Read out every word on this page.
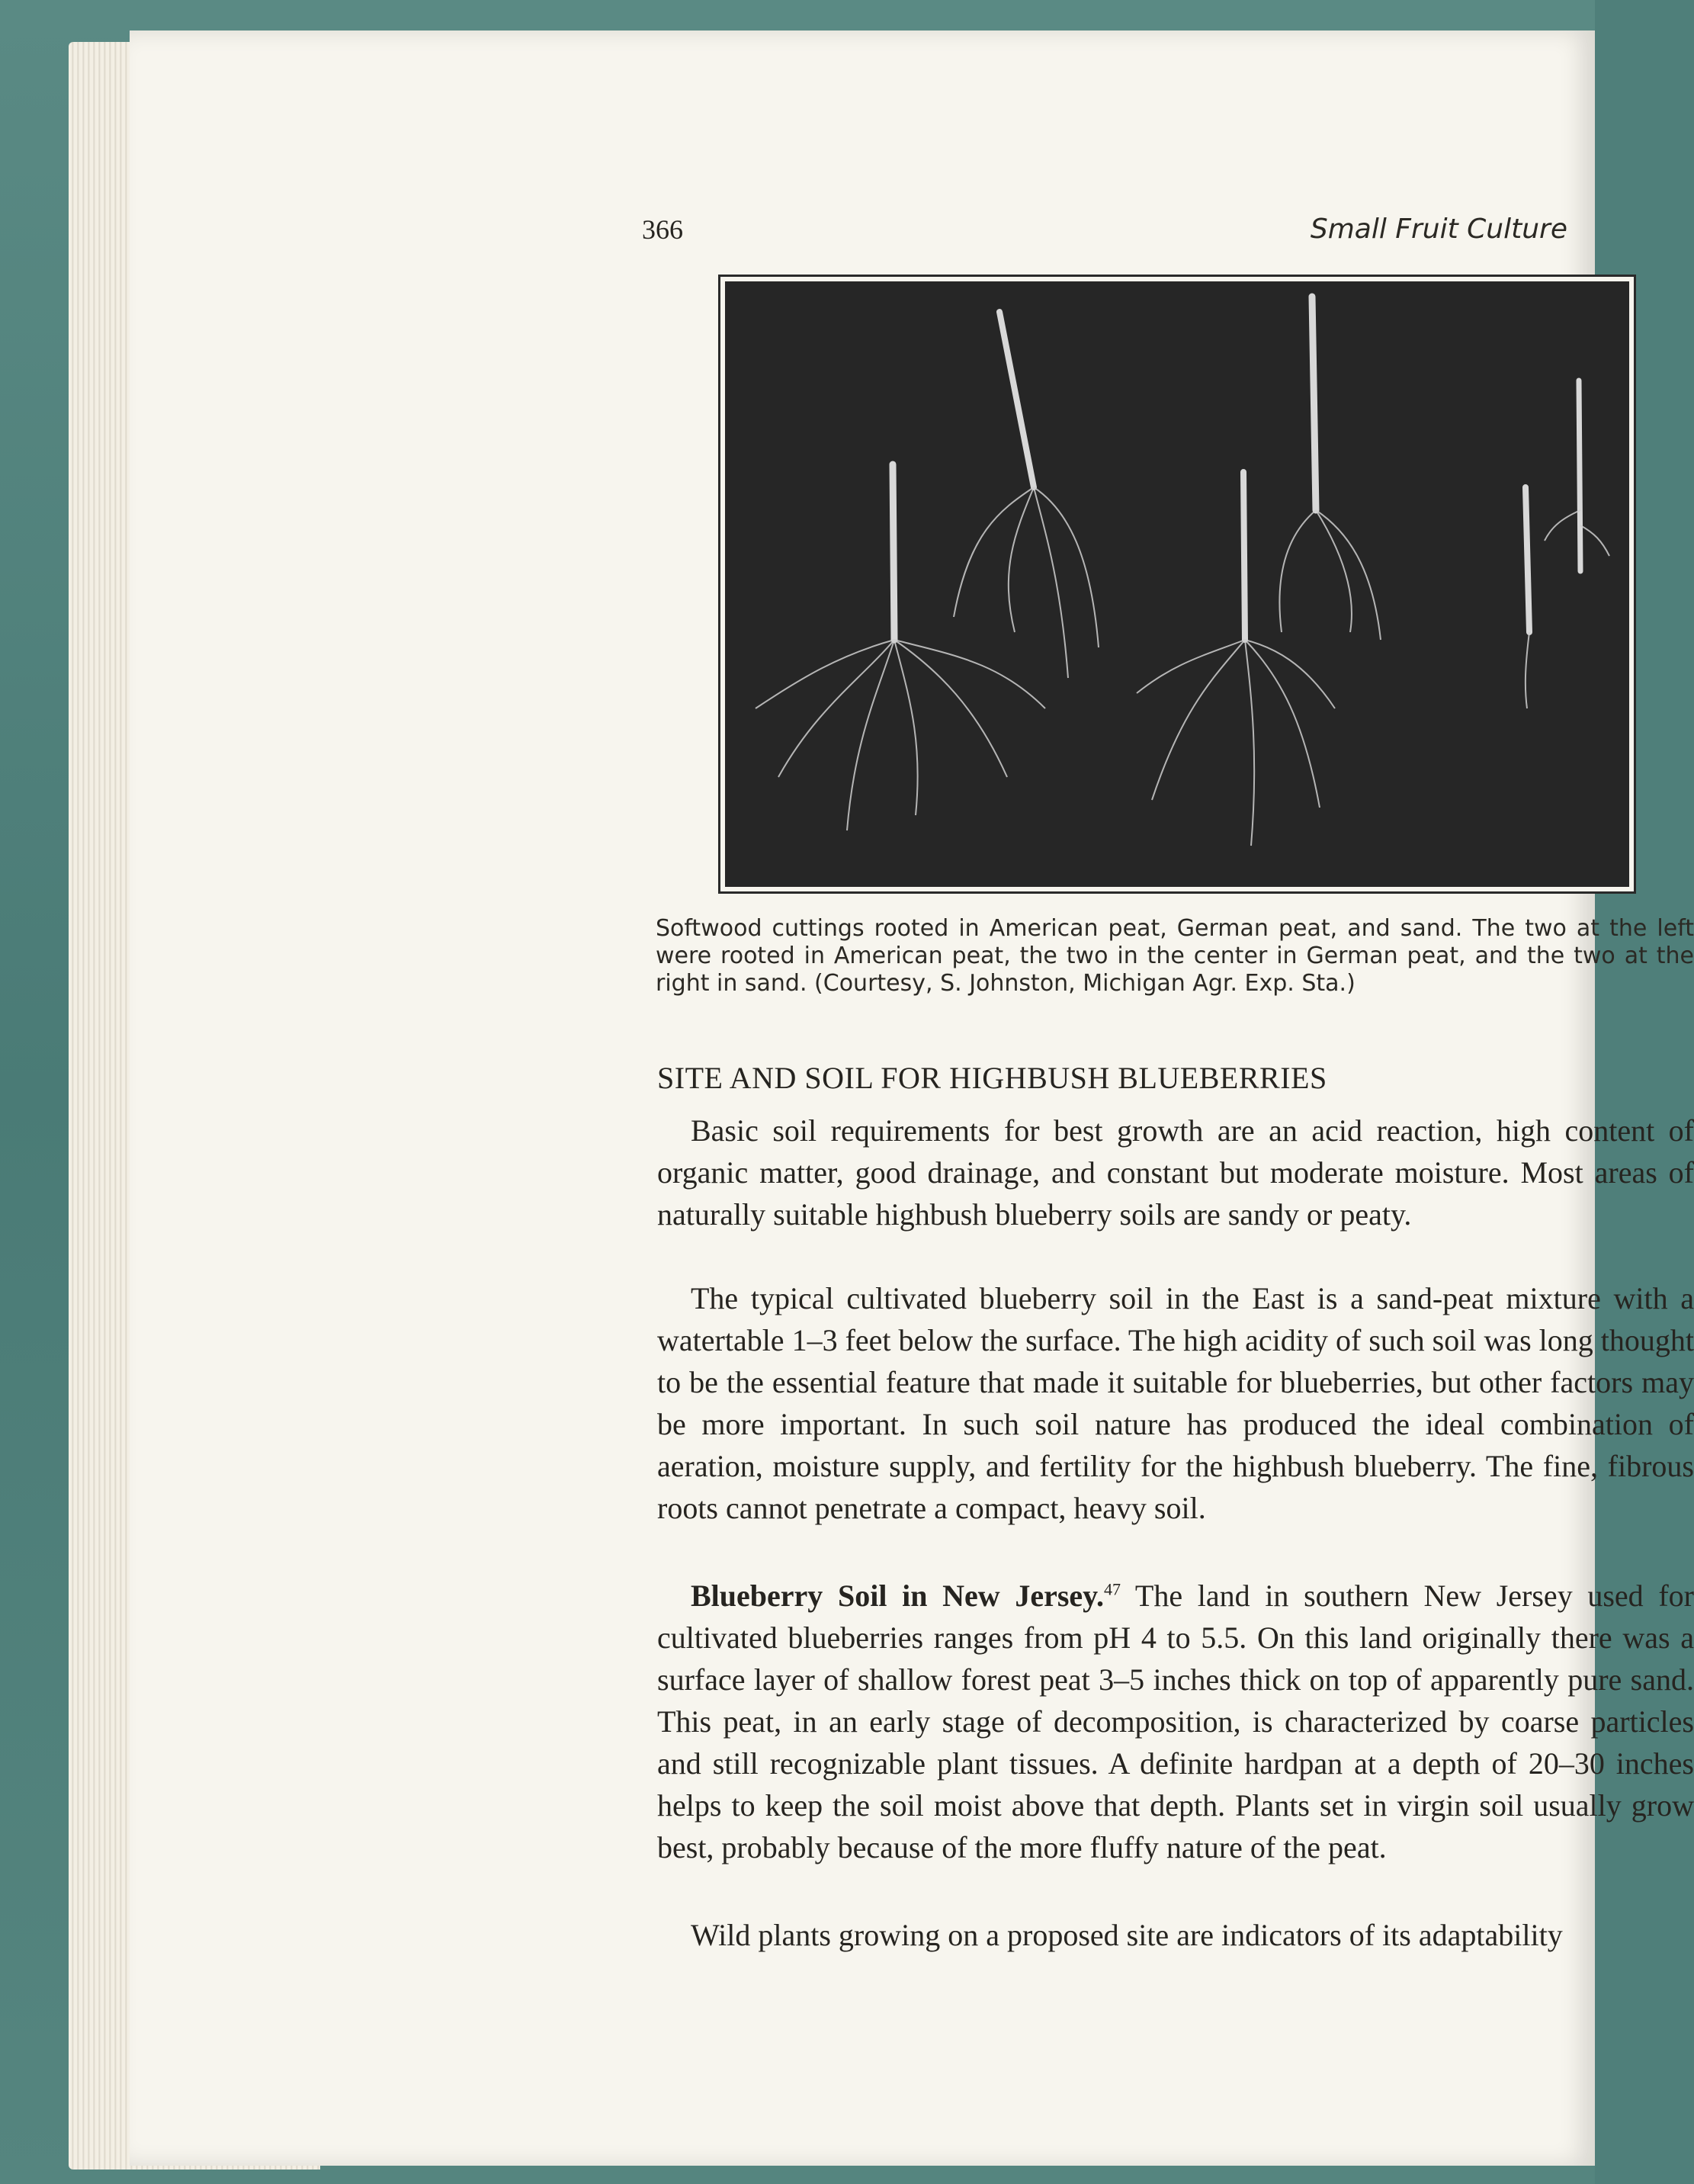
366	Small Fruit Culture
Softwood cuttings rooted in American peat, German peat, and sand. The two at the left were rooted in American peat, the two in the center in German peat, and the two at the right in sand. (Courtesy, S. Johnston, Michigan Agr. Exp. Sta.)
SITE AND SOIL FOR HIGHBUSH BLUEBERRIES

Basic soil requirements for best growth are an acid reaction, high content of organic matter, good drainage, and constant but moderate moisture. Most areas of naturally suitable highbush blueberry soils are sandy or peaty.

The typical cultivated blueberry soil in the East is a sand-peat mixture with a watertable 1–3 feet below the surface. The high acidity of such soil was long thought to be the essential feature that made it suitable for blueberries, but other factors may be more important. In such soil nature has produced the ideal combination of aeration, moisture supply, and fertility for the highbush blueberry. The fine, fibrous roots cannot penetrate a compact, heavy soil.

Blueberry Soil in New Jersey.$^{47}$ The land in southern New Jersey used for cultivated blueberries ranges from pH 4 to 5.5. On this land originally there was a surface layer of shallow forest peat 3–5 inches thick on top of apparently pure sand. This peat, in an early stage of decomposition, is characterized by coarse particles and still recognizable plant tissues. A definite hardpan at a depth of 20–30 inches helps to keep the soil moist above that depth. Plants set in virgin soil usually grow best, probably because of the more fluffy nature of the peat.

Wild plants growing on a proposed site are indicators of its adaptability
